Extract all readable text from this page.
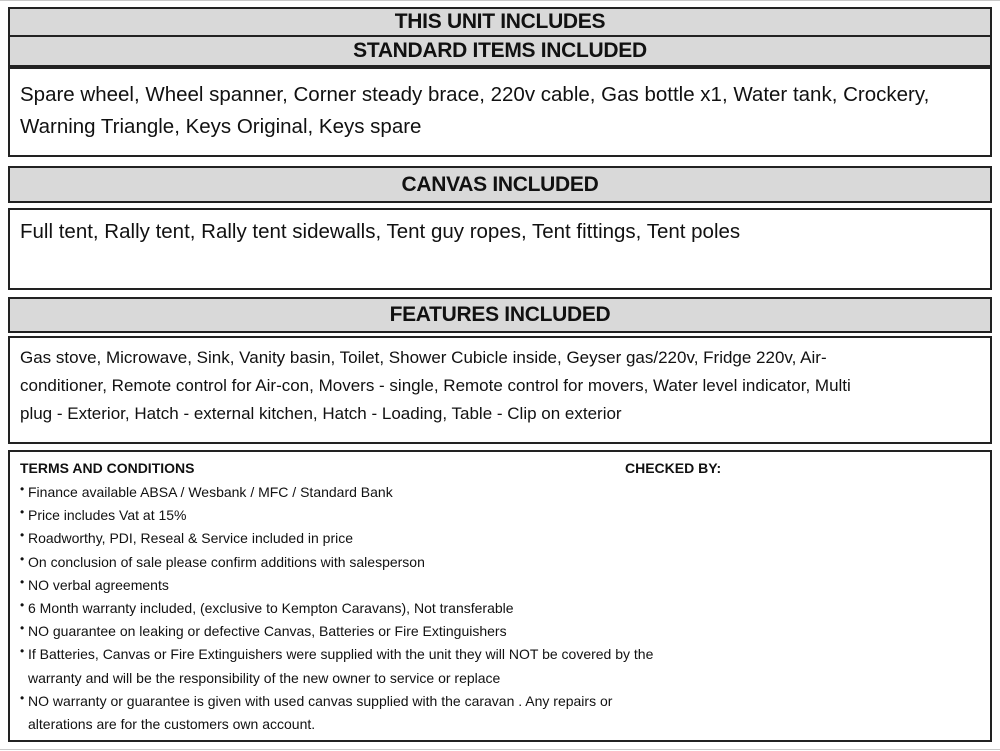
THIS UNIT INCLUDES
STANDARD ITEMS INCLUDED
Spare wheel, Wheel spanner, Corner steady brace, 220v cable, Gas bottle x1, Water tank, Crockery,
Warning Triangle, Keys Original, Keys spare
CANVAS INCLUDED
Full tent, Rally tent, Rally tent sidewalls, Tent guy ropes, Tent fittings, Tent poles
FEATURES INCLUDED
Gas stove, Microwave, Sink, Vanity basin, Toilet, Shower Cubicle inside, Geyser gas/220v, Fridge 220v, Air-
conditioner, Remote control for Air-con, Movers - single, Remote control for movers, Water level indicator, Multi
plug - Exterior, Hatch - external kitchen, Hatch - Loading, Table - Clip on exterior
TERMS AND CONDITIONS	CHECKED BY:
• Finance available ABSA / Wesbank / MFC / Standard Bank
• Price includes Vat at 15%
• Roadworthy, PDI, Reseal & Service included in price
• On conclusion of sale please confirm additions with salesperson
• NO verbal agreements
• 6 Month warranty included, (exclusive to Kempton Caravans), Not transferable
• NO guarantee on leaking or defective Canvas, Batteries or Fire Extinguishers
• If Batteries, Canvas or Fire Extinguishers were supplied with the unit they will NOT be covered by the
warranty and will be the responsibility of the new owner to service or replace
• NO warranty or guarantee is given with used canvas supplied with the caravan . Any repairs or
alterations are for the customers own account.
